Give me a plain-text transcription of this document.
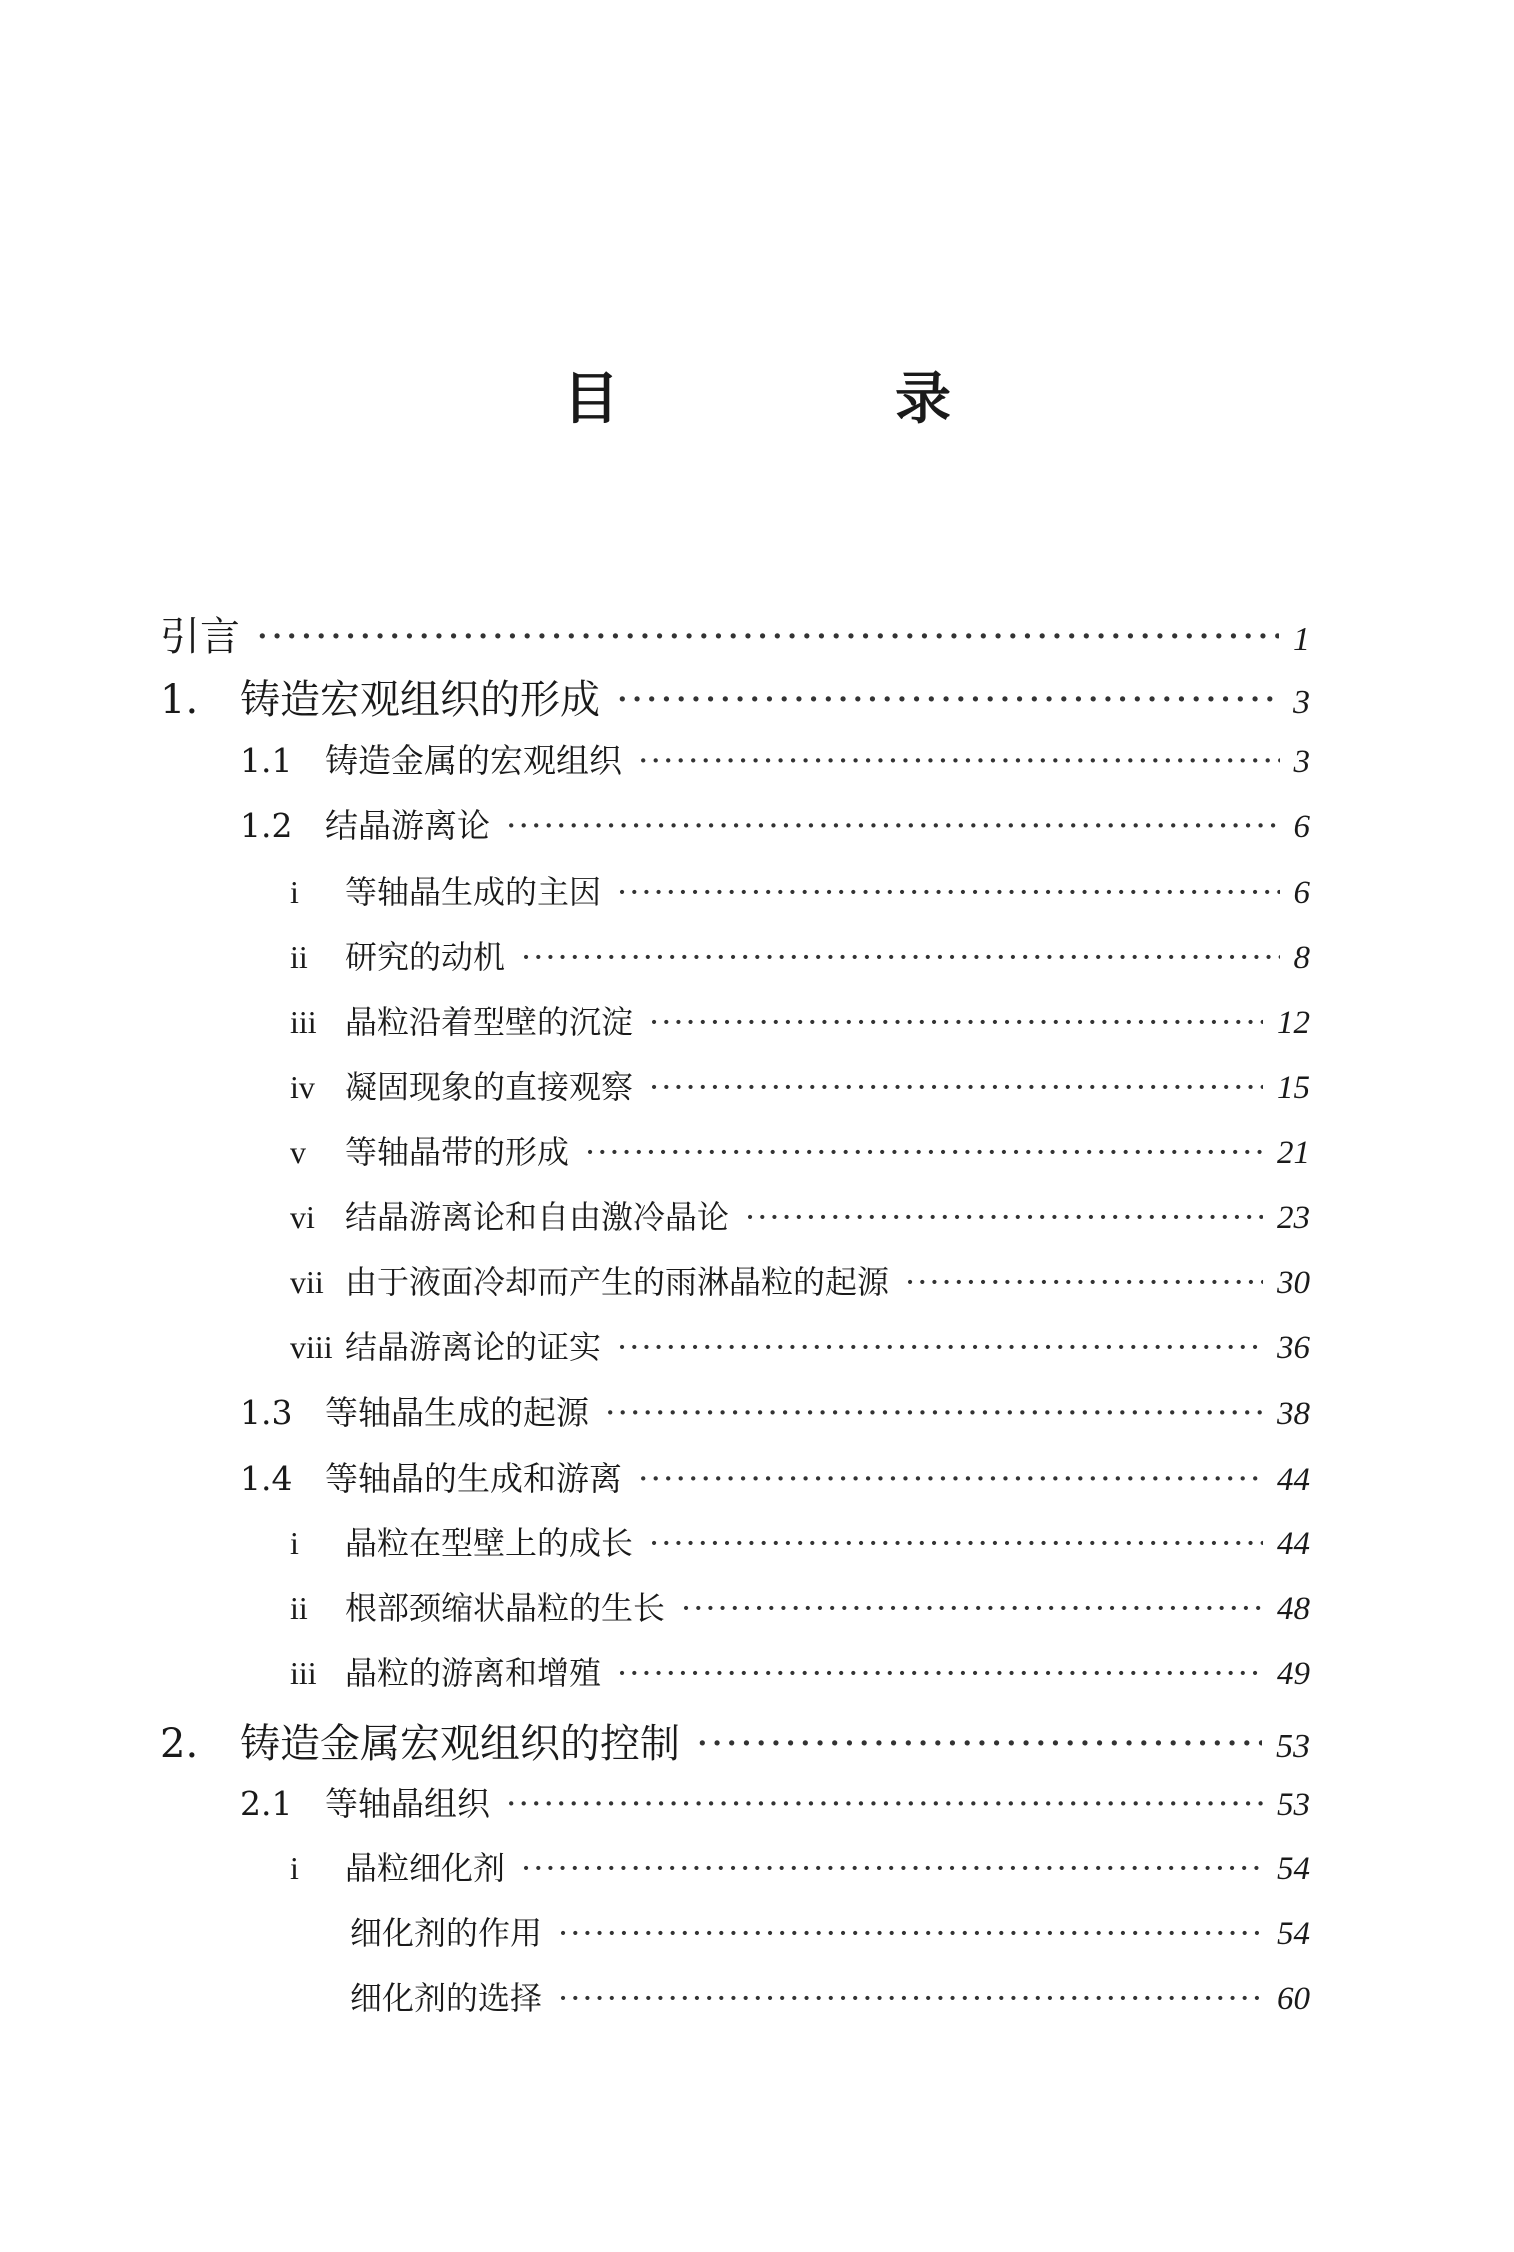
目　录
引言 ·····	1
1.	铸造宏观组织的形成 ·····	3
1.1 铸造金属的宏观组织 ·····	3
1.2 结晶游离论 ·····	6
i	等轴晶生成的主因 ·····	6
ii	研究的动机 ·····	8
iii 晶粒沿着型壁的沉淀 ·····	12
iv 凝固现象的直接观察 ·····	15
v	等轴晶带的形成 ·····	21
vi 结晶游离论和自由激冷晶论 ·····	23
vii 由于液面冷却而产生的雨淋晶粒的起源 ·····	30
viii 结晶游离论的证实 ·····	36
1.3 等轴晶生成的起源 ·····	38
1.4 等轴晶的生成和游离 ·····	44
i	晶粒在型壁上的成长 ·····	44
ii	根部颈缩状晶粒的生长 ·····	48
iii 晶粒的游离和增殖 ·····	49
2.	铸造金属宏观组织的控制 ·····	53
2.1 等轴晶组织 ·····	53
i	晶粒细化剂 ·····	54
细化剂的作用 ·····	54
细化剂的选择 ·····	60
